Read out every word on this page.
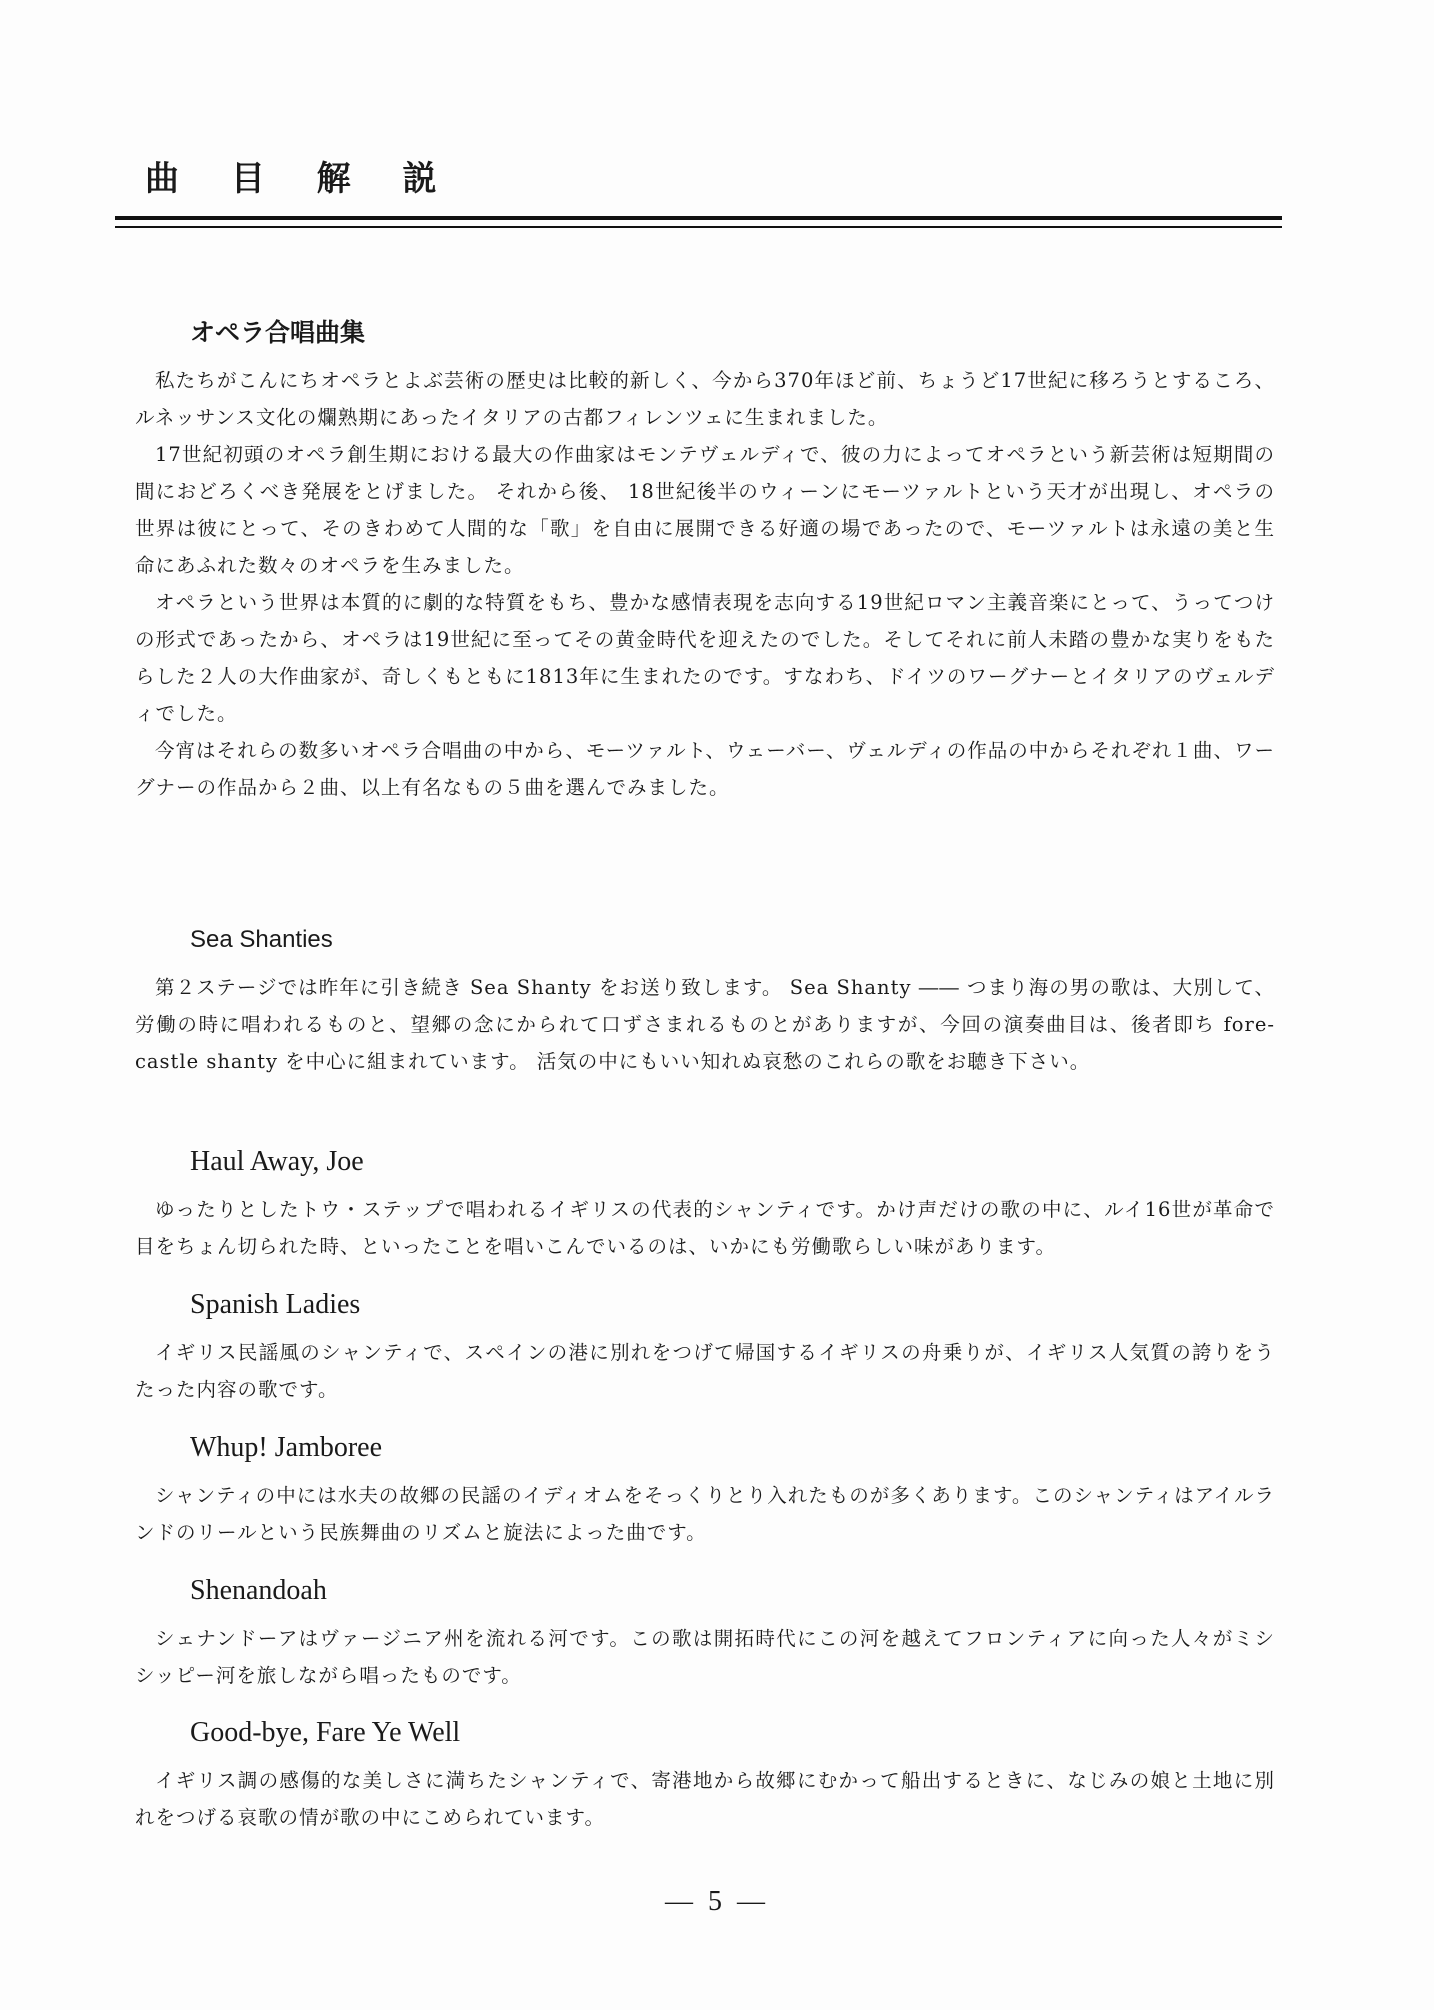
曲 目 解 説
オペラ合唱曲集

私たちがこんにちオペラとよぶ芸術の歴史は比較的新しく、今から370年ほど前、ちょうど17世紀に移ろうとするころ、ルネッサンス文化の爛熟期にあったイタリアの古都フィレンツェに生まれました。

17世紀初頭のオペラ創生期における最大の作曲家はモンテヴェルディで、彼の力によってオペラという新芸術は短期間の間におどろくべき発展をとげました。 それから後、 18世紀後半のウィーンにモーツァルトという天才が出現し、オペラの世界は彼にとって、そのきわめて人間的な「歌」を自由に展開できる好適の場であったので、モーツァルトは永遠の美と生命にあふれた数々のオペラを生みました。

オペラという世界は本質的に劇的な特質をもち、豊かな感情表現を志向する19世紀ロマン主義音楽にとって、うってつけの形式であったから、オペラは19世紀に至ってその黄金時代を迎えたのでした。そしてそれに前人未踏の豊かな実りをもたらした２人の大作曲家が、奇しくもともに1813年に生まれたのです。すなわち、ドイツのワーグナーとイタリアのヴェルディでした。

今宵はそれらの数多いオペラ合唱曲の中から、モーツァルト、ウェーバー、ヴェルディの作品の中からそれぞれ１曲、ワーグナーの作品から２曲、以上有名なもの５曲を選んでみました。

Sea Shanties

第２ステージでは昨年に引き続き Sea Shanty をお送り致します。 Sea Shanty ―― つまり海の男の歌は、大別して、労働の時に唱われるものと、望郷の念にかられて口ずさまれるものとがありますが、今回の演奏曲目は、後者即ち fore-castle shanty を中心に組まれています。 活気の中にもいい知れぬ哀愁のこれらの歌をお聴き下さい。

Haul Away, Joe

ゆったりとしたトウ・ステップで唱われるイギリスの代表的シャンティです。かけ声だけの歌の中に、ルイ16世が革命で目をちょん切られた時、といったことを唱いこんでいるのは、いかにも労働歌らしい味があります。

Spanish Ladies

イギリス民謡風のシャンティで、スペインの港に別れをつげて帰国するイギリスの舟乗りが、イギリス人気質の誇りをうたった内容の歌です。

Whup! Jamboree

シャンティの中には水夫の故郷の民謡のイディオムをそっくりとり入れたものが多くあります。このシャンティはアイルランドのリールという民族舞曲のリズムと旋法によった曲です。

Shenandoah

シェナンドーアはヴァージニア州を流れる河です。この歌は開拓時代にこの河を越えてフロンティアに向った人々がミシシッピー河を旅しながら唱ったものです。

Good-bye, Fare Ye Well

イギリス調の感傷的な美しさに満ちたシャンティで、寄港地から故郷にむかって船出するときに、なじみの娘と土地に別れをつげる哀歌の情が歌の中にこめられています。

― 5 ―
